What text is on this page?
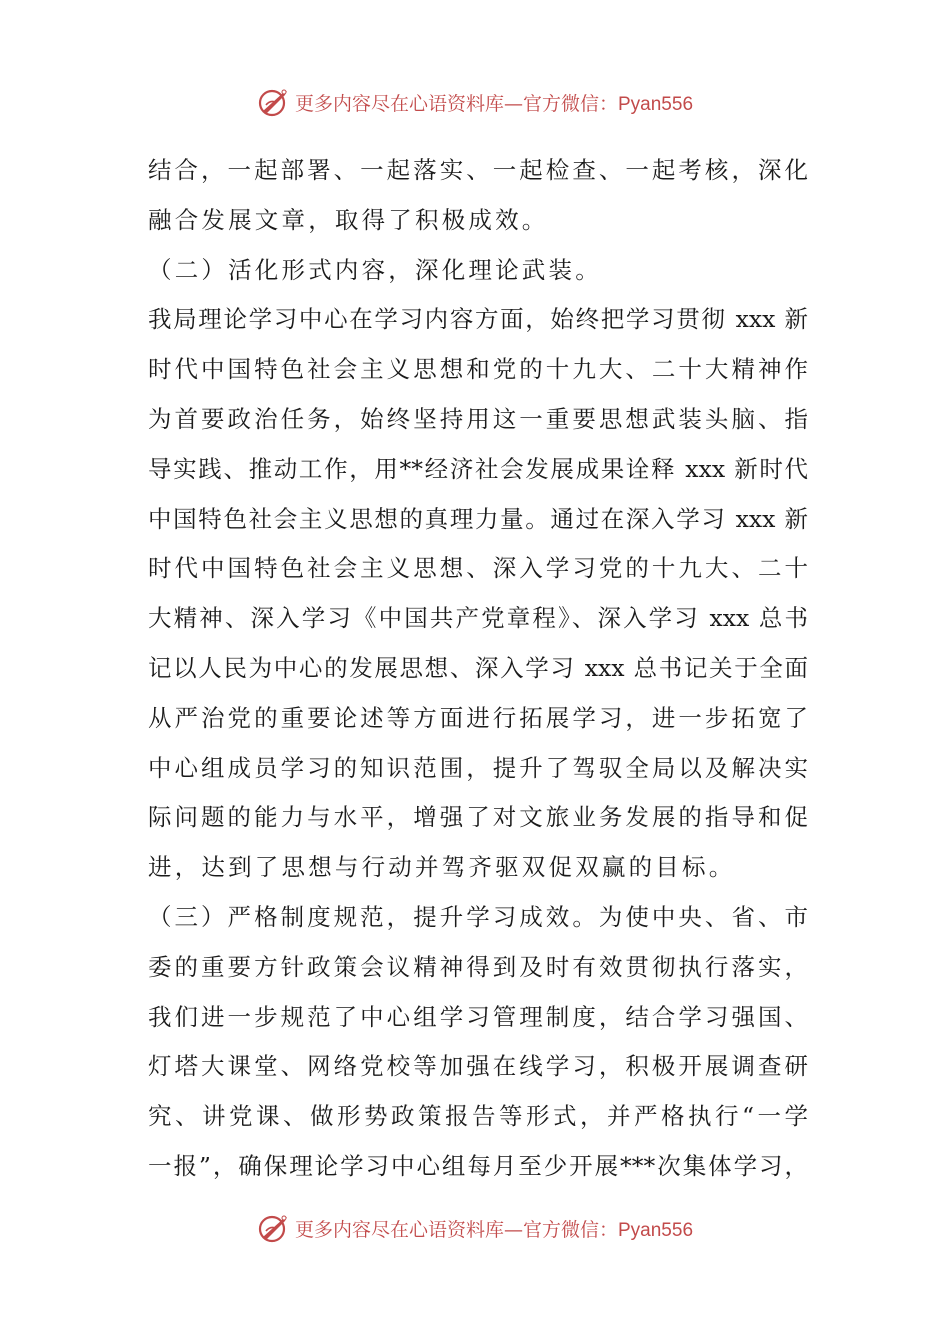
更多内容尽在心语资料库—官方微信：Pyan556
结合，一起部署、一起落实、一起检查、一起考核，深化
融合发展文章，取得了积极成效。
（二）活化形式内容，深化理论武装。
我局理论学习中心在学习内容方面，始终把学习贯彻 xxx 新
时代中国特色社会主义思想和党的十九大、二十大精神作
为首要政治任务，始终坚持用这一重要思想武装头脑、指
导实践、推动工作，用**经济社会发展成果诠释 xxx 新时代
中国特色社会主义思想的真理力量。通过在深入学习 xxx 新
时代中国特色社会主义思想、深入学习党的十九大、二十
大精神、深入学习《中国共产党章程》、深入学习 xxx 总书
记以人民为中心的发展思想、深入学习 xxx 总书记关于全面
从严治党的重要论述等方面进行拓展学习，进一步拓宽了
中心组成员学习的知识范围，提升了驾驭全局以及解决实
际问题的能力与水平，增强了对文旅业务发展的指导和促
进，达到了思想与行动并驾齐驱双促双赢的目标。
（三）严格制度规范，提升学习成效。为使中央、省、市
委的重要方针政策会议精神得到及时有效贯彻执行落实，
我们进一步规范了中心组学习管理制度，结合学习强国、
灯塔大课堂、网络党校等加强在线学习，积极开展调查研
究、讲党课、做形势政策报告等形式，并严格执行“一学
一报”，确保理论学习中心组每月至少开展***次集体学习，
更多内容尽在心语资料库—官方微信：Pyan556
